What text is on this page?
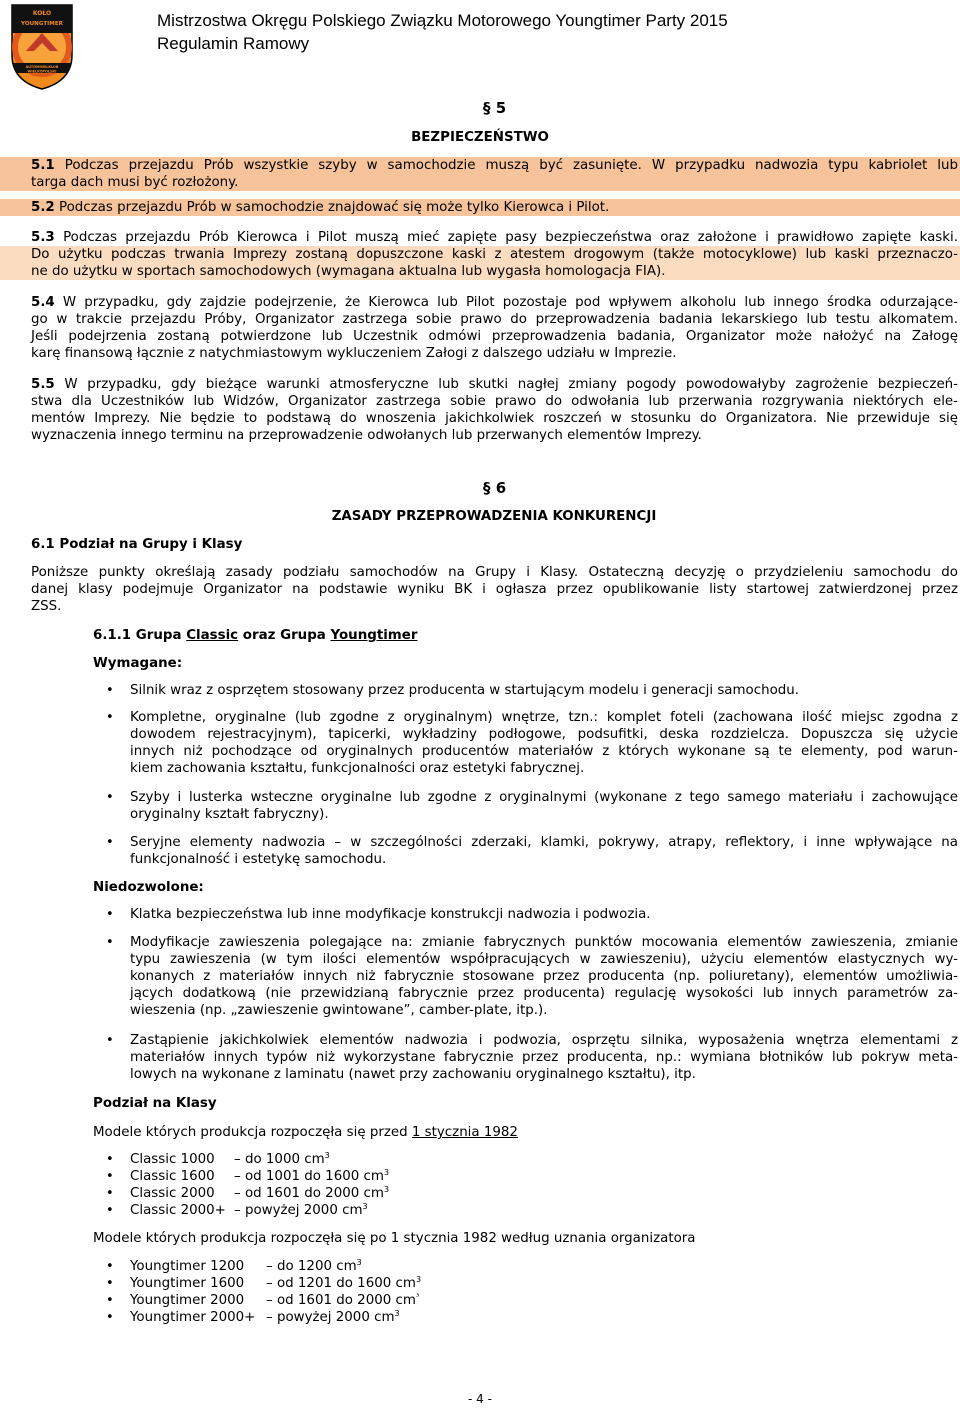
KOŁO
YOUNGTIMER
AUTOMOBILKLUB
WIELKOPOLSKI
Mistrzostwa Okręgu Polskiego Związku Motorowego Youngtimer Party 2015
Regulamin Ramowy
§ 5
BEZPIECZEŃSTWO
5.1 Podczas przejazdu Prób wszystkie szyby w samochodzie muszą być zasunięte. W przypadku nadwozia typu kabriolet lub
targa dach musi być rozłożony.
5.2 Podczas przejazdu Prób w samochodzie znajdować się może tylko Kierowca i Pilot.
5.3 Podczas przejazdu Prób Kierowca i Pilot muszą mieć zapięte pasy bezpieczeństwa oraz założone i prawidłowo zapięte kaski.
Do użytku podczas trwania Imprezy zostaną dopuszczone kaski z atestem drogowym (także motocyklowe) lub kaski przeznaczo-
ne do użytku w sportach samochodowych (wymagana aktualna lub wygasła homologacja FIA).
5.4 W przypadku, gdy zajdzie podejrzenie, że Kierowca lub Pilot pozostaje pod wpływem alkoholu lub innego środka odurzające-
go w trakcie przejazdu Próby, Organizator zastrzega sobie prawo do przeprowadzenia badania lekarskiego lub testu alkomatem.
Jeśli podejrzenia zostaną potwierdzone lub Uczestnik odmówi przeprowadzenia badania, Organizator może nałożyć na Załogę
karę finansową łącznie z natychmiastowym wykluczeniem Załogi z dalszego udziału w Imprezie.
5.5 W przypadku, gdy bieżące warunki atmosferyczne lub skutki nagłej zmiany pogody powodowałyby zagrożenie bezpieczeń-
stwa dla Uczestników lub Widzów, Organizator zastrzega sobie prawo do odwołania lub przerwania rozgrywania niektórych ele-
mentów Imprezy. Nie będzie to podstawą do wnoszenia jakichkolwiek roszczeń w stosunku do Organizatora. Nie przewiduje się
wyznaczenia innego terminu na przeprowadzenie odwołanych lub przerwanych elementów Imprezy.
§ 6
ZASADY PRZEPROWADZENIA KONKURENCJI
6.1 Podział na Grupy i Klasy
Poniższe punkty określają zasady podziału samochodów na Grupy i Klasy. Ostateczną decyzję o przydzieleniu samochodu do
danej klasy podejmuje Organizator na podstawie wyniku BK i ogłasza przez opublikowanie listy startowej zatwierdzonej przez
ZSS.
6.1.1 Grupa Classic oraz Grupa Youngtimer
Wymagane:
• Silnik wraz z osprzętem stosowany przez producenta w startującym modelu i generacji samochodu.
• Kompletne, oryginalne (lub zgodne z oryginalnym) wnętrze, tzn.: komplet foteli (zachowana ilość miejsc zgodna z
dowodem rejestracyjnym), tapicerki, wykładziny podłogowe, podsufitki, deska rozdzielcza. Dopuszcza się użycie
innych niż pochodzące od oryginalnych producentów materiałów z których wykonane są te elementy, pod warun-
kiem zachowania kształtu, funkcjonalności oraz estetyki fabrycznej.
• Szyby i lusterka wsteczne oryginalne lub zgodne z oryginalnymi (wykonane z tego samego materiału i zachowujące
oryginalny kształt fabryczny).
• Seryjne elementy nadwozia – w szczególności zderzaki, klamki, pokrywy, atrapy, reflektory, i inne wpływające na
funkcjonalność i estetykę samochodu.
Niedozwolone:
• Klatka bezpieczeństwa lub inne modyfikacje konstrukcji nadwozia i podwozia.
• Modyfikacje zawieszenia polegające na: zmianie fabrycznych punktów mocowania elementów zawieszenia, zmianie
typu zawieszenia (w tym ilości elementów współpracujących w zawieszeniu), użyciu elementów elastycznych wy-
konanych z materiałów innych niż fabrycznie stosowane przez producenta (np. poliuretany), elementów umożliwia-
jących dodatkową (nie przewidzianą fabrycznie przez producenta) regulację wysokości lub innych parametrów za-
wieszenia (np. „zawieszenie gwintowane”, camber-plate, itp.).
• Zastąpienie jakichkolwiek elementów nadwozia i podwozia, osprzętu silnika, wyposażenia wnętrza elementami z
materiałów innych typów niż wykorzystane fabrycznie przez producenta, np.: wymiana błotników lub pokryw meta-
lowych na wykonane z laminatu (nawet przy zachowaniu oryginalnego kształtu), itp.
Podział na Klasy
Modele których produkcja rozpoczęła się przed 1 stycznia 1982
• Classic 1000 – do 1000 $cm^3$
• Classic 1600 – od 1001 do 1600 $cm^3$
• Classic 2000 – od 1601 do 2000 $cm^3$
• Classic 2000+ – powyżej 2000 $cm^3$
Modele których produkcja rozpoczęła się po 1 stycznia 1982 według uznania organizatora
• Youngtimer 1200 – do 1200 $cm^3$
• Youngtimer 1600 – od 1201 do 1600 $cm^3$
• Youngtimer 2000 – od 1601 do 2000 $cm^{^3}$
• Youngtimer 2000+ – powyżej 2000 $cm^3$
- 4 -
